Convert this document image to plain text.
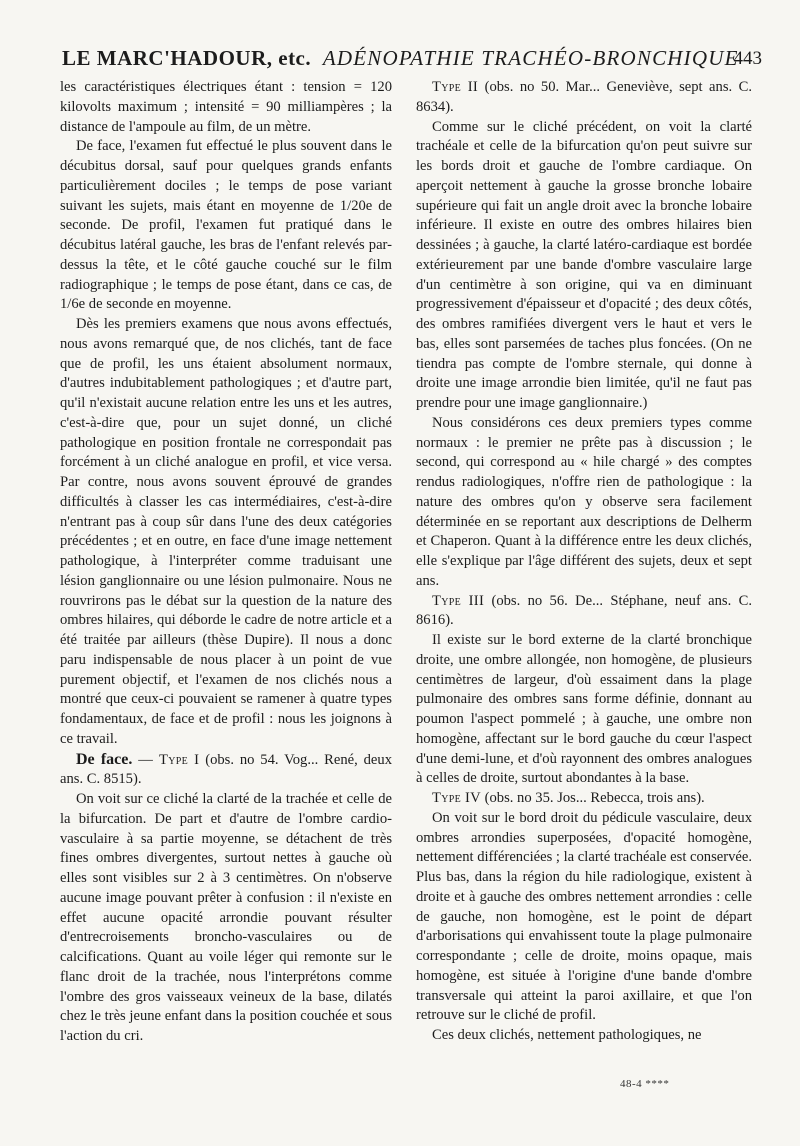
LE MARC'HADOUR, etc. ADÉNOPATHIE TRACHÉO-BRONCHIQUE
443

les caractéristiques électriques étant : tension = 120 kilovolts maximum ; intensité = 90 milliampères ; la distance de l'ampoule au film, de un mètre.

De face, l'examen fut effectué le plus souvent dans le décubitus dorsal, sauf pour quelques grands enfants particulièrement dociles ; le temps de pose variant suivant les sujets, mais étant en moyenne de 1/20e de seconde. De profil, l'examen fut pratiqué dans le décubitus latéral gauche, les bras de l'enfant relevés par-dessus la tête, et le côté gauche couché sur le film radiographique ; le temps de pose étant, dans ce cas, de 1/6e de seconde en moyenne.

Dès les premiers examens que nous avons effectués, nous avons remarqué que, de nos clichés, tant de face que de profil, les uns étaient absolument normaux, d'autres indubitablement pathologiques ; et d'autre part, qu'il n'existait aucune relation entre les uns et les autres, c'est-à-dire que, pour un sujet donné, un cliché pathologique en position frontale ne correspondait pas forcément à un cliché analogue en profil, et vice versa. Par contre, nous avons souvent éprouvé de grandes difficultés à classer les cas intermédiaires, c'est-à-dire n'entrant pas à coup sûr dans l'une des deux catégories précédentes ; et en outre, en face d'une image nettement pathologique, à l'interpréter comme traduisant une lésion ganglionnaire ou une lésion pulmonaire. Nous ne rouvrirons pas le débat sur la question de la nature des ombres hilaires, qui déborde le cadre de notre article et a été traitée par ailleurs (thèse Dupire). Il nous a donc paru indispensable de nous placer à un point de vue purement objectif, et l'examen de nos clichés nous a montré que ceux-ci pouvaient se ramener à quatre types fondamentaux, de face et de profil : nous les joignons à ce travail.

De face. — Type I (obs. no 54. Vog... René, deux ans. C. 8515).

On voit sur ce cliché la clarté de la trachée et celle de la bifurcation. De part et d'autre de l'ombre cardio-vasculaire à sa partie moyenne, se détachent de très fines ombres divergentes, surtout nettes à gauche où elles sont visibles sur 2 à 3 centimètres. On n'observe aucune image pouvant prêter à confusion : il n'existe en effet aucune opacité arrondie pouvant résulter d'entrecroisements broncho-vasculaires ou de calcifications. Quant au voile léger qui remonte sur le flanc droit de la trachée, nous l'interprétons comme l'ombre des gros vaisseaux veineux de la base, dilatés chez le très jeune enfant dans la position couchée et sous l'action du cri.

Type II (obs. no 50. Mar... Geneviève, sept ans. C. 8634).

Comme sur le cliché précédent, on voit la clarté trachéale et celle de la bifurcation qu'on peut suivre sur les bords droit et gauche de l'ombre cardiaque. On aperçoit nettement à gauche la grosse bronche lobaire supérieure qui fait un angle droit avec la bronche lobaire inférieure. Il existe en outre des ombres hilaires bien dessinées ; à gauche, la clarté latéro-cardiaque est bordée extérieurement par une bande d'ombre vasculaire large d'un centimètre à son origine, qui va en diminuant progressivement d'épaisseur et d'opacité ; des deux côtés, des ombres ramifiées divergent vers le haut et vers le bas, elles sont parsemées de taches plus foncées. (On ne tiendra pas compte de l'ombre sternale, qui donne à droite une image arrondie bien limitée, qu'il ne faut pas prendre pour une image ganglionnaire.)

Nous considérons ces deux premiers types comme normaux : le premier ne prête pas à discussion ; le second, qui correspond au « hile chargé » des comptes rendus radiologiques, n'offre rien de pathologique : la nature des ombres qu'on y observe sera facilement déterminée en se reportant aux descriptions de Delherm et Chaperon. Quant à la différence entre les deux clichés, elle s'explique par l'âge différent des sujets, deux et sept ans.

Type III (obs. no 56. De... Stéphane, neuf ans. C. 8616).

Il existe sur le bord externe de la clarté bronchique droite, une ombre allongée, non homogène, de plusieurs centimètres de largeur, d'où essaiment dans la plage pulmonaire des ombres sans forme définie, donnant au poumon l'aspect pommelé ; à gauche, une ombre non homogène, affectant sur le bord gauche du cœur l'aspect d'une demi-lune, et d'où rayonnent des ombres analogues à celles de droite, surtout abondantes à la base.

Type IV (obs. no 35. Jos... Rebecca, trois ans).

On voit sur le bord droit du pédicule vasculaire, deux ombres arrondies superposées, d'opacité homogène, nettement différenciées ; la clarté trachéale est conservée. Plus bas, dans la région du hile radiologique, existent à droite et à gauche des ombres nettement arrondies : celle de gauche, non homogène, est le point de départ d'arborisations qui envahissent toute la plage pulmonaire correspondante ; celle de droite, moins opaque, mais homogène, est située à l'origine d'une bande d'ombre transversale qui atteint la paroi axillaire, et que l'on retrouve sur le cliché de profil.

Ces deux clichés, nettement pathologiques, ne

48-4 ****
